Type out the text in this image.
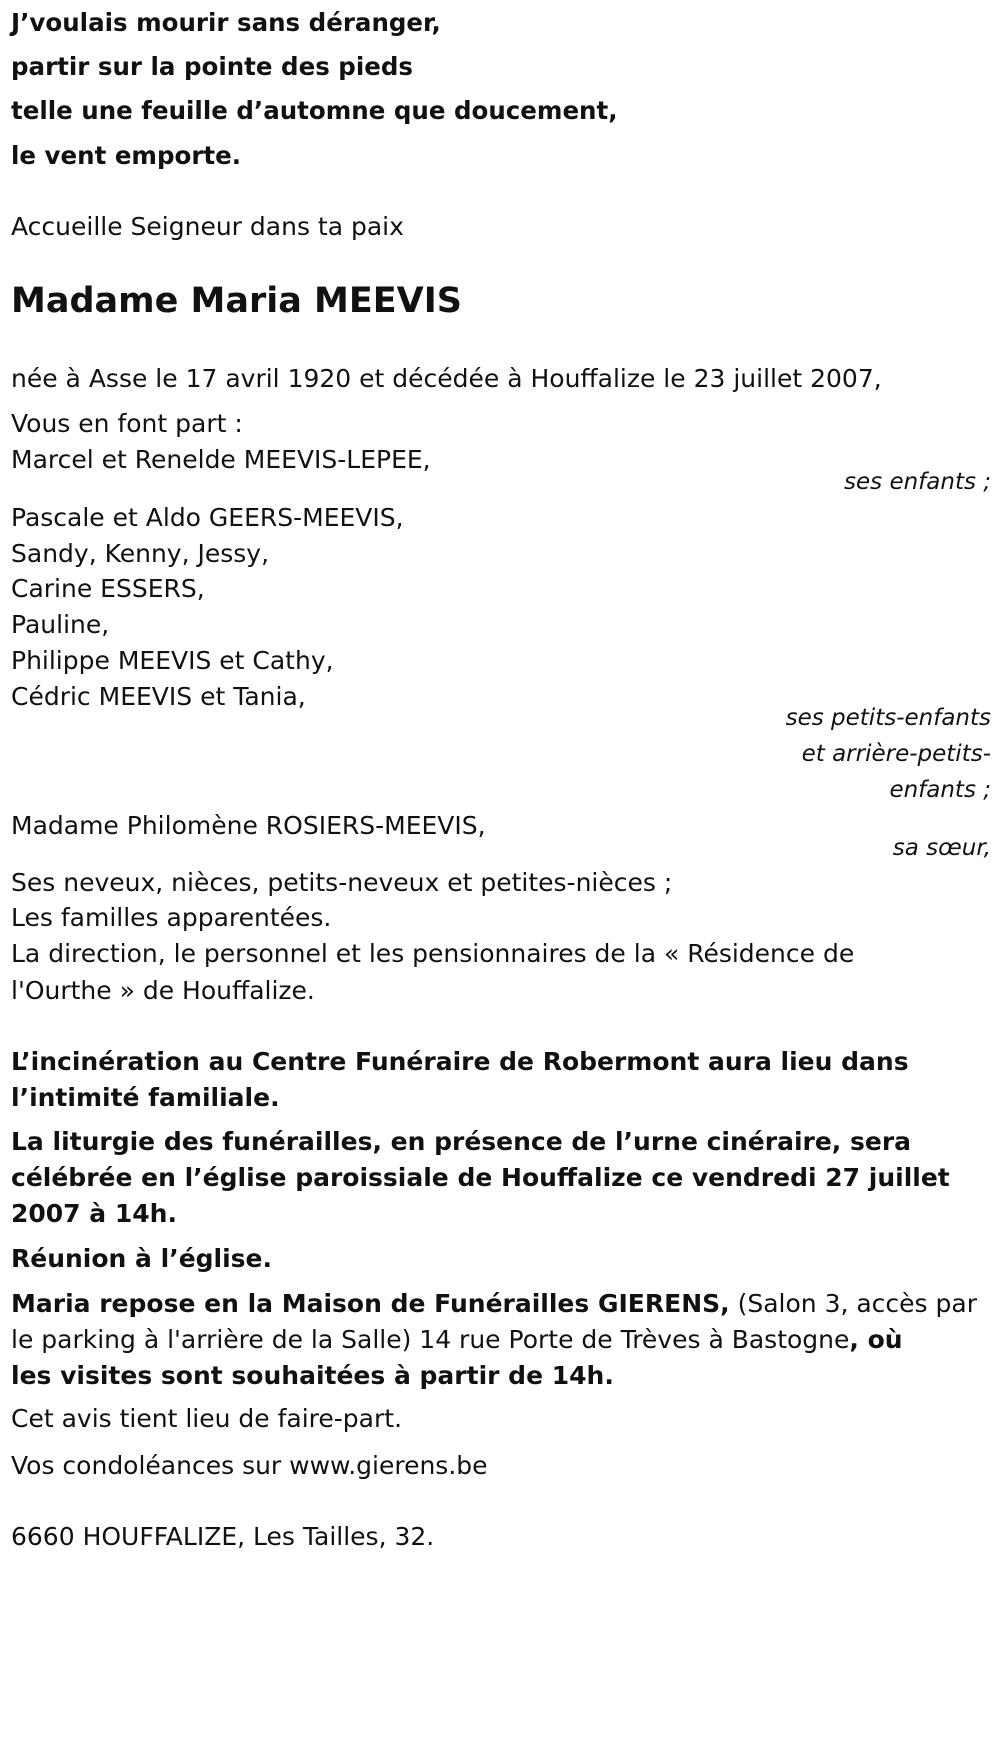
J’voulais mourir sans déranger,
partir sur la pointe des pieds
telle une feuille d’automne que doucement,
le vent emporte.
Accueille Seigneur dans ta paix
Madame Maria MEEVIS
née à Asse le 17 avril 1920 et décédée à Houffalize le 23 juillet 2007,
Vous en font part :
Marcel et Renelde MEEVIS-LEPEE,
ses enfants ;
Pascale et Aldo GEERS-MEEVIS,
Sandy, Kenny, Jessy,
Carine ESSERS,
Pauline,
Philippe MEEVIS et Cathy,
Cédric MEEVIS et Tania,
ses petits-enfants
et arrière-petits-
enfants ;
Madame Philomène ROSIERS-MEEVIS,
sa sœur,
Ses neveux, nièces, petits-neveux et petites-nièces ;
Les familles apparentées.
La direction, le personnel et les pensionnaires de la « Résidence de
l'Ourthe » de Houffalize.
L’incinération au Centre Funéraire de Robermont aura lieu dans
l’intimité familiale.
La liturgie des funérailles, en présence de l’urne cinéraire, sera
célébrée en l’église paroissiale de Houffalize ce vendredi 27 juillet
2007 à 14h.
Réunion à l’église.
Maria repose en la Maison de Funérailles GIERENS, (Salon 3, accès par
le parking à l'arrière de la Salle) 14 rue Porte de Trèves à Bastogne, où
les visites sont souhaitées à partir de 14h.
Cet avis tient lieu de faire-part.
Vos condoléances sur www.gierens.be
6660 HOUFFALIZE, Les Tailles, 32.
